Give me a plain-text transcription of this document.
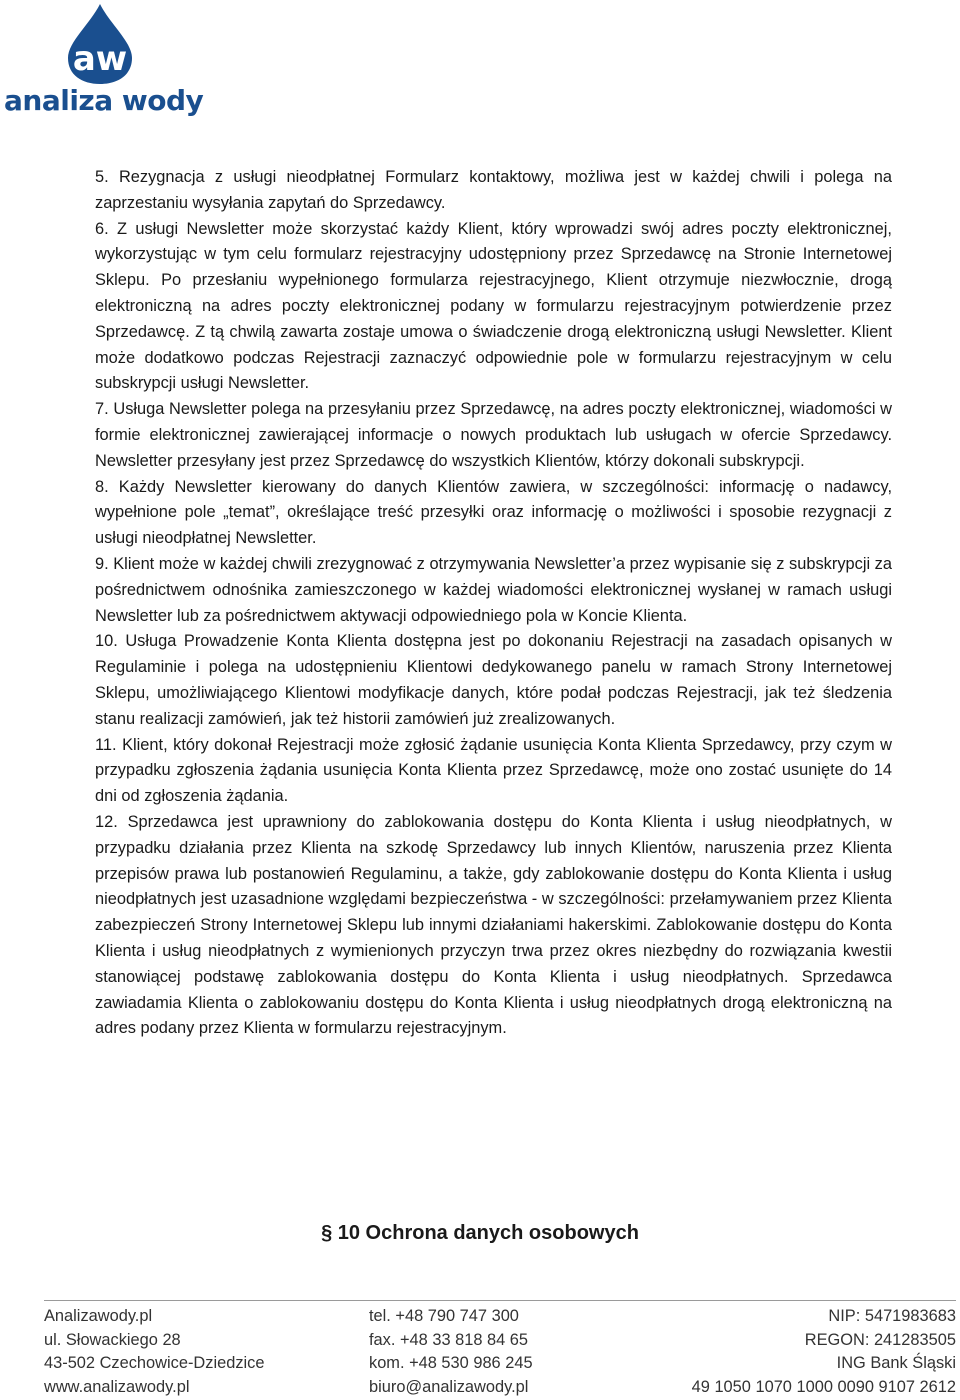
aw
analiza wody

5. Rezygnacja z usługi nieodpłatnej Formularz kontaktowy, możliwa jest w każdej chwili i polega na zaprzestaniu wysyłania zapytań do Sprzedawcy.

6. Z usługi Newsletter może skorzystać każdy Klient, który wprowadzi swój adres poczty elektronicznej, wykorzystując w tym celu formularz rejestracyjny udostępniony przez Sprzedawcę na Stronie Internetowej Sklepu. Po przesłaniu wypełnionego formularza rejestracyjnego, Klient otrzymuje niezwłocznie, drogą elektroniczną na adres poczty elektronicznej podany w formularzu rejestracyjnym potwierdzenie przez Sprzedawcę. Z tą chwilą zawarta zostaje umowa o świadczenie drogą elektroniczną usługi Newsletter. Klient może dodatkowo podczas Rejestracji zaznaczyć odpowiednie pole w formularzu rejestracyjnym w celu subskrypcji usługi Newsletter.

7. Usługa Newsletter polega na przesyłaniu przez Sprzedawcę, na adres poczty elektronicznej, wiadomości w formie elektronicznej zawierającej informacje o nowych produktach lub usługach w ofercie Sprzedawcy. Newsletter przesyłany jest przez Sprzedawcę do wszystkich Klientów, którzy dokonali subskrypcji.

8. Każdy Newsletter kierowany do danych Klientów zawiera, w szczególności: informację o nadawcy, wypełnione pole „temat”, określające treść przesyłki oraz informację o możliwości i sposobie rezygnacji z usługi nieodpłatnej Newsletter.

9. Klient może w każdej chwili zrezygnować z otrzymywania Newsletter’a przez wypisanie się z subskrypcji za pośrednictwem odnośnika zamieszczonego w każdej wiadomości elektronicznej wysłanej w ramach usługi Newsletter lub za pośrednictwem aktywacji odpowiedniego pola w Koncie Klienta.

10. Usługa Prowadzenie Konta Klienta dostępna jest po dokonaniu Rejestracji na zasadach opisanych w Regulaminie i polega na udostępnieniu Klientowi dedykowanego panelu w ramach Strony Internetowej Sklepu, umożliwiającego Klientowi modyfikacje danych, które podał podczas Rejestracji, jak też śledzenia stanu realizacji zamówień, jak też historii zamówień już zrealizowanych.

11. Klient, który dokonał Rejestracji może zgłosić żądanie usunięcia Konta Klienta Sprzedawcy, przy czym w przypadku zgłoszenia żądania usunięcia Konta Klienta przez Sprzedawcę, może ono zostać usunięte do 14 dni od zgłoszenia żądania.

12. Sprzedawca jest uprawniony do zablokowania dostępu do Konta Klienta i usług nieodpłatnych, w przypadku działania przez Klienta na szkodę Sprzedawcy lub innych Klientów, naruszenia przez Klienta przepisów prawa lub postanowień Regulaminu, a także, gdy zablokowanie dostępu do Konta Klienta i usług nieodpłatnych jest uzasadnione względami bezpieczeństwa - w szczególności: przełamywaniem przez Klienta zabezpieczeń Strony Internetowej Sklepu lub innymi działaniami hakerskimi. Zablokowanie dostępu do Konta Klienta i usług nieodpłatnych z wymienionych przyczyn trwa przez okres niezbędny do rozwiązania kwestii stanowiącej podstawę zablokowania dostępu do Konta Klienta i usług nieodpłatnych. Sprzedawca zawiadamia Klienta o zablokowaniu dostępu do Konta Klienta i usług nieodpłatnych drogą elektroniczną na adres podany przez Klienta w formularzu rejestracyjnym.

§ 10 Ochrona danych osobowych
Analizawody.pl
ul. Słowackiego 28
43-502 Czechowice-Dziedzice
www.analizawody.pl
tel. +48 790 747 300
fax. +48 33 818 84 65
kom. +48 530 986 245
biuro@analizawody.pl
NIP: 5471983683
REGON: 241283505
ING Bank Śląski
49 1050 1070 1000 0090 9107 2612
